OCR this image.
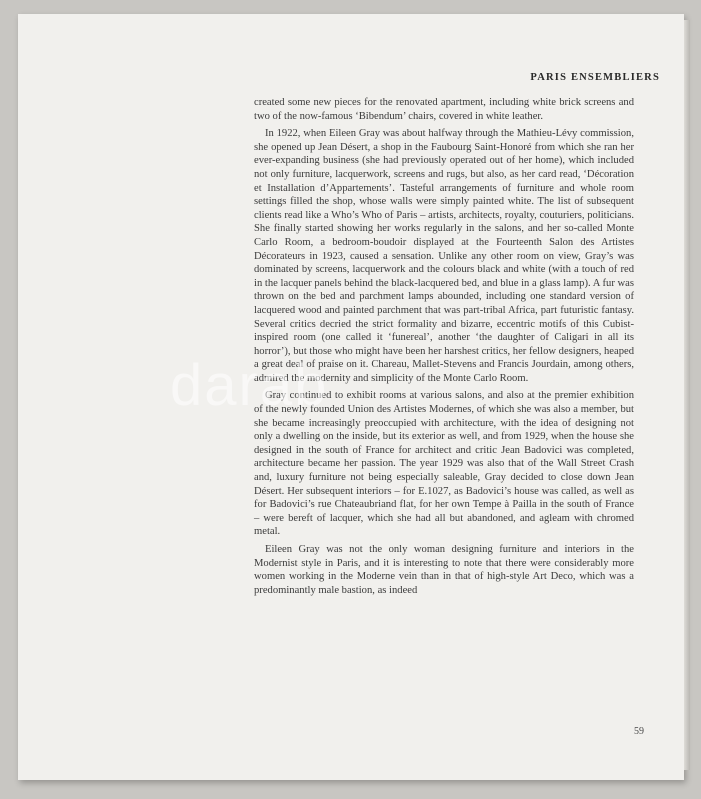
PARIS ENSEMBLIERS

created some new pieces for the renovated apartment, including white brick screens and two of the now-famous ‘Bibendum’ chairs, covered in white leather.

In 1922, when Eileen Gray was about halfway through the Mathieu-Lévy commission, she opened up Jean Désert, a shop in the Faubourg Saint-Honoré from which she ran her ever-expanding business (she had previously operated out of her home), which included not only furniture, lacquerwork, screens and rugs, but also, as her card read, ‘Décoration et Installation d’Appartements’. Tasteful arrangements of furniture and whole room settings filled the shop, whose walls were simply painted white. The list of subsequent clients read like a Who’s Who of Paris – artists, architects, royalty, couturiers, politicians. She finally started showing her works regularly in the salons, and her so-called Monte Carlo Room, a bedroom-boudoir displayed at the Fourteenth Salon des Artistes Décorateurs in 1923, caused a sensation. Unlike any other room on view, Gray’s was dominated by screens, lacquerwork and the colours black and white (with a touch of red in the lacquer panels behind the black-lacquered bed, and blue in a glass lamp). A fur was thrown on the bed and parchment lamps abounded, including one standard version of lacquered wood and painted parchment that was part-tribal Africa, part futuristic fantasy. Several critics decried the strict formality and bizarre, eccentric motifs of this Cubist-inspired room (one called it ‘funereal’, another ‘the daughter of Caligari in all its horror’), but those who might have been her harshest critics, her fellow designers, heaped a great deal of praise on it. Chareau, Mallet-Stevens and Francis Jourdain, among others, admired the modernity and simplicity of the Monte Carlo Room.

Gray continued to exhibit rooms at various salons, and also at the premier exhibition of the newly founded Union des Artistes Modernes, of which she was also a member, but she became increasingly preoccupied with architecture, with the idea of designing not only a dwelling on the inside, but its exterior as well, and from 1929, when the house she designed in the south of France for architect and critic Jean Badovici was completed, architecture became her passion. The year 1929 was also that of the Wall Street Crash and, luxury furniture not being especially saleable, Gray decided to close down Jean Désert. Her subsequent interiors – for E.1027, as Badovici’s house was called, as well as for Badovici’s rue Chateaubriand flat, for her own Tempe à Pailla in the south of France – were bereft of lacquer, which she had all but abandoned, and agleam with chromed metal.

Eileen Gray was not the only woman designing furniture and interiors in the Modernist style in Paris, and it is interesting to note that there were considerably more women working in the Moderne vein than in that of high-style Art Deco, which was a predominantly male bastion, as indeed

59
darab
